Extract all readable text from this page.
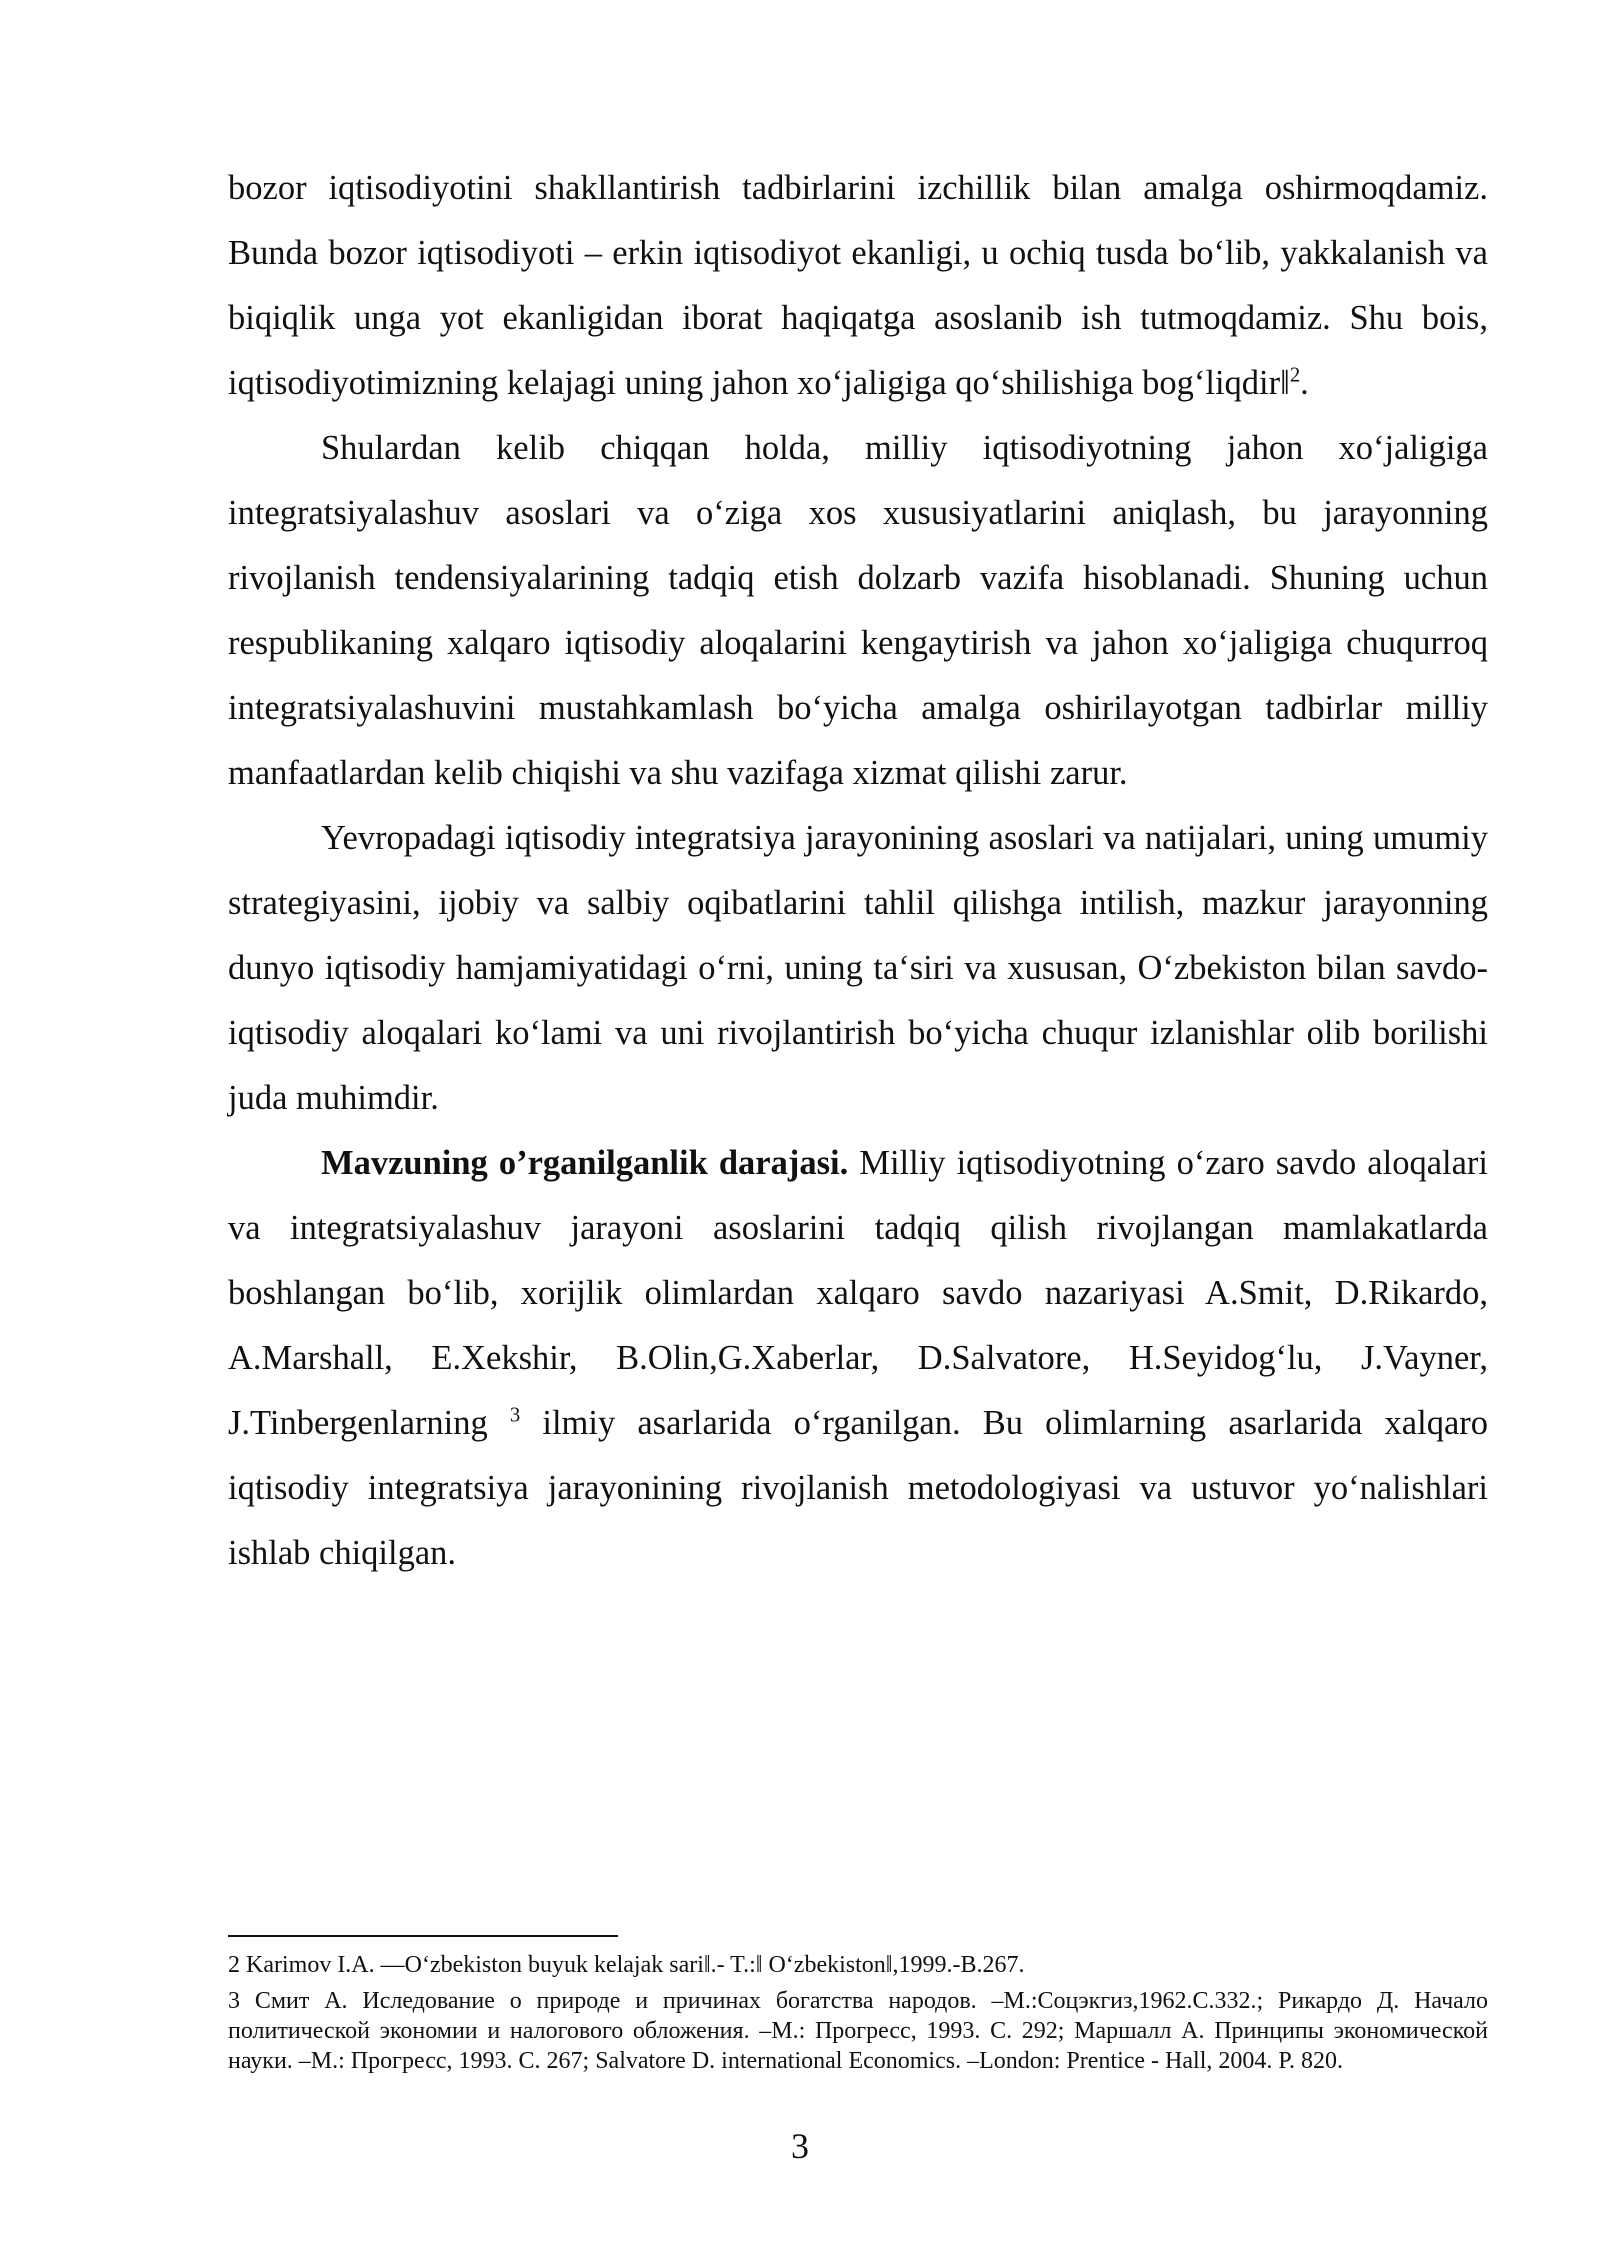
bozor iqtisodiyotini shakllantirish tadbirlarini izchillik bilan amalga oshirmoqdamiz. Bunda bozor iqtisodiyoti – erkin iqtisodiyot ekanligi, u ochiq tusda bo‘lib, yakkalanish va biqiqlik unga yot ekanligidan iborat haqiqatga asoslanib ish tutmoqdamiz. Shu bois, iqtisodiyotimizning kelajagi uning jahon xo‘jaligiga qo‘shilishiga bog‘liqdir‖$^2$.

Shulardan kelib chiqqan holda, milliy iqtisodiyotning jahon xo‘jaligiga integratsiyalashuv asoslari va o‘ziga xos xususiyatlarini aniqlash, bu jarayonning rivojlanish tendensiyalarining tadqiq etish dolzarb vazifa hisoblanadi. Shuning uchun respublikaning xalqaro iqtisodiy aloqalarini kengaytirish va jahon xo‘jaligiga chuqurroq integratsiyalashuvini mustahkamlash bo‘yicha amalga oshirilayotgan tadbirlar milliy manfaatlardan kelib chiqishi va shu vazifaga xizmat qilishi zarur.

Yevropadagi iqtisodiy integratsiya jarayonining asoslari va natijalari, uning umumiy strategiyasini, ijobiy va salbiy oqibatlarini tahlil qilishga intilish, mazkur jarayonning dunyo iqtisodiy hamjamiyatidagi o‘rni, uning ta‘siri va xususan, O‘zbekiston bilan savdo-iqtisodiy aloqalari ko‘lami va uni rivojlantirish bo‘yicha chuqur izlanishlar olib borilishi juda muhimdir.

Mavzuning o’rganilganlik darajasi. Milliy iqtisodiyotning o‘zaro savdo aloqalari va integratsiyalashuv jarayoni asoslarini tadqiq qilish rivojlangan mamlakatlarda boshlangan bo‘lib, xorijlik olimlardan xalqaro savdo nazariyasi A.Smit, D.Rikardo, A.Marshall, E.Xekshir, B.Olin,G.Xaberlar, D.Salvatore, H.Seyidog‘lu, J.Vayner, J.Tinbergenlarning $^3$ ilmiy asarlarida o‘rganilgan. Bu olimlarning asarlarida xalqaro iqtisodiy integratsiya jarayonining rivojlanish metodologiyasi va ustuvor yo‘nalishlari ishlab chiqilgan.

2 Karimov I.A. ―O‘zbekiston buyuk kelajak sari‖.- T.:‖ O‘zbekiston‖,1999.-B.267.

3 Смит А. Иследование о природе и причинах богатства народов. –М.:Соцэкгиз,1962.С.332.; Рикардо Д. Начало политической экономии и налогового обложения. –М.: Прогресс, 1993. С. 292; Маршалл А. Принципы экономической науки. –М.: Прогресс, 1993. С. 267; Salvatore D. international Economics. –London: Prentice - Hall, 2004. P. 820.

3
